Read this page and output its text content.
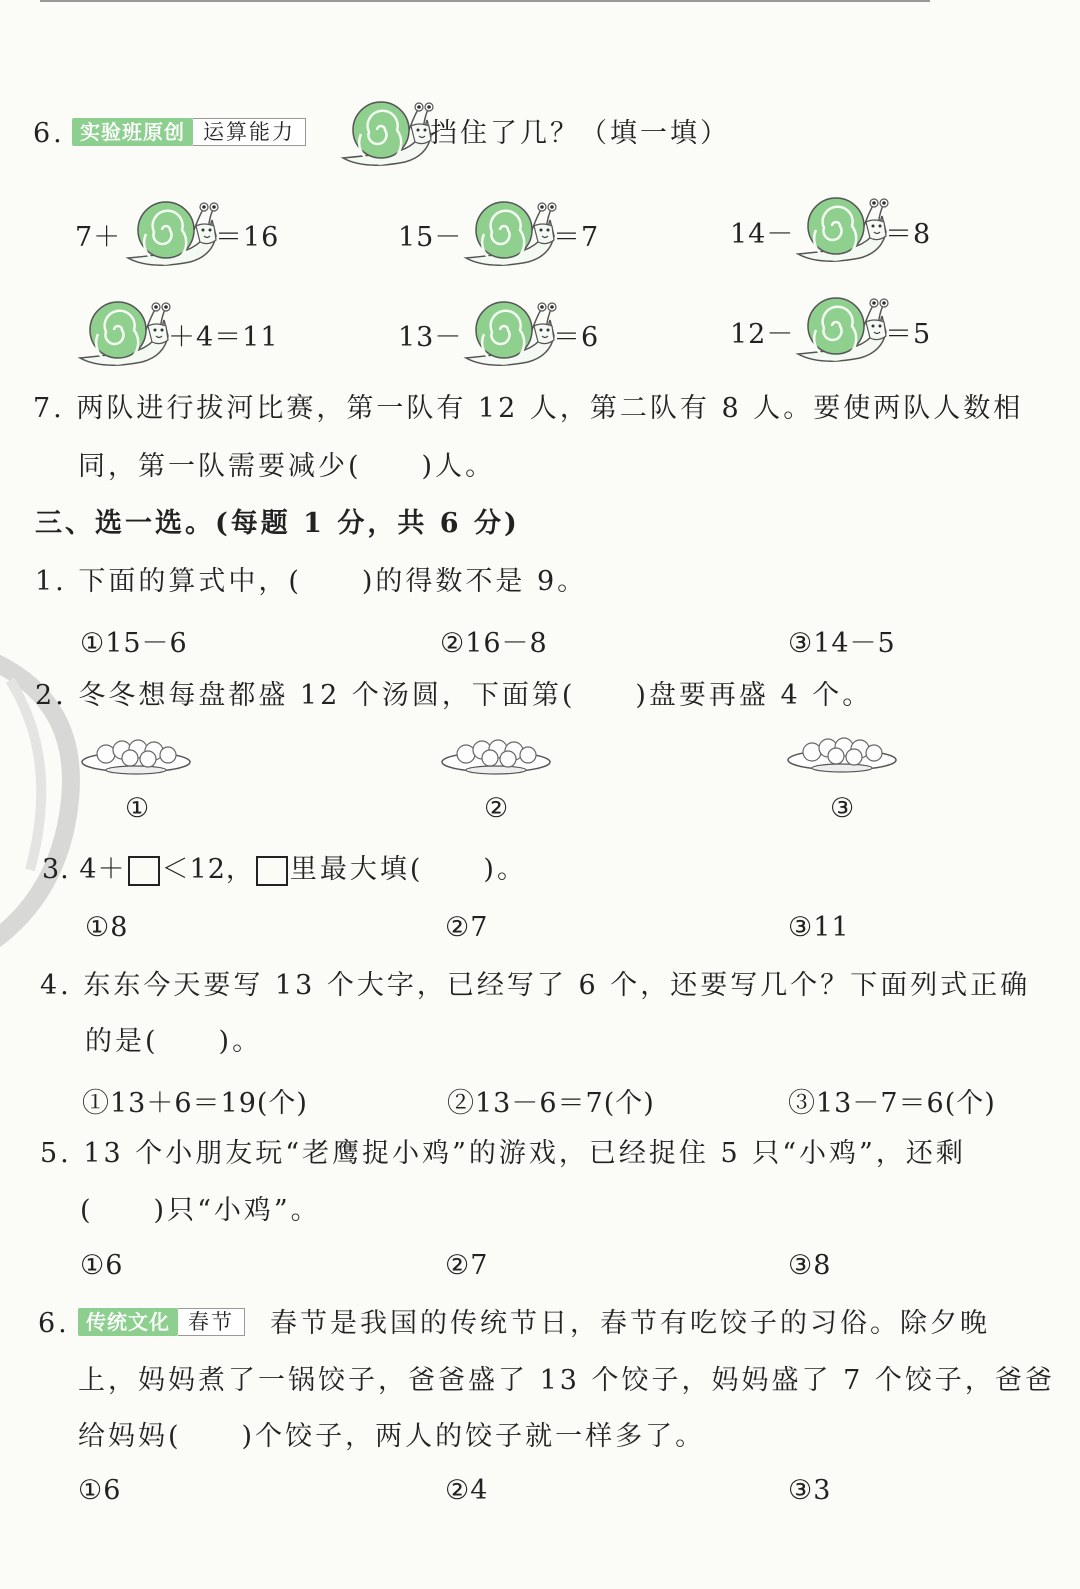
6. 实验班原创 运算能力	挡住了几？（填一填）
7＋	＝16	15－	＝7	14－	＝8
＋4＝11	13－	＝6	12－	＝5
7. 两队进行拔河比赛，第一队有 12 人，第二队有 8 人。要使两队人数相
同，第一队需要减少(　　)人。
三、选一选。(每题 1 分，共 6 分)
1. 下面的算式中，(　　)的得数不是 9。
①15－6	②16－8	③14－5
2. 冬冬想每盘都盛 12 个汤圆，下面第(　　)盘要再盛 4 个。
①	②	③
3. 4＋ ＜12， 里最大填(　　)。
①8	②7	③11
4. 东东今天要写 13 个大字，已经写了 6 个，还要写几个？下面列式正确
的是(　　)。
①13＋6＝19(个)	②13－6＝7(个)	③13－7＝6(个)
5. 13 个小朋友玩“老鹰捉小鸡”的游戏，已经捉住 5 只“小鸡”，还剩
(　　)只“小鸡”。
①6	②7	③8
6. 传统文化 春节	春节是我国的传统节日，春节有吃饺子的习俗。除夕晚
上，妈妈煮了一锅饺子，爸爸盛了 13 个饺子，妈妈盛了 7 个饺子，爸爸
给妈妈(　　)个饺子，两人的饺子就一样多了。
①6	②4	③3
